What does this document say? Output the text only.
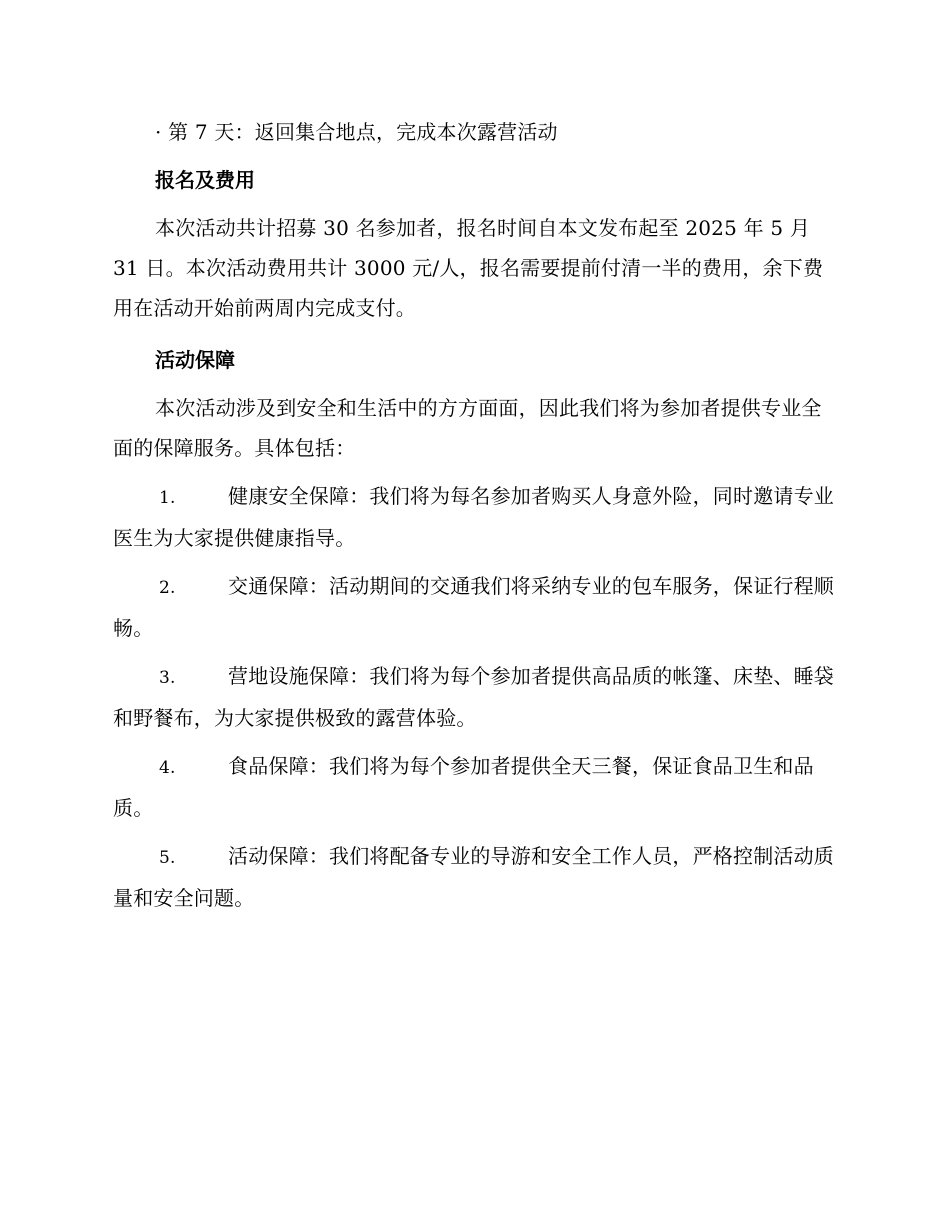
· 第 7 天：返回集合地点，完成本次露营活动

报名及费用

本次活动共计招募 30 名参加者，报名时间自本文发布起至 2025 年 5 月 31 日。本次活动费用共计 3000 元/人，报名需要提前付清一半的费用，余下费用在活动开始前两周内完成支付。

活动保障

本次活动涉及到安全和生活中的方方面面，因此我们将为参加者提供专业全面的保障服务。具体包括：

1.	健康安全保障：我们将为每名参加者购买人身意外险，同时邀请专业医生为大家提供健康指导。

2.	交通保障：活动期间的交通我们将采纳专业的包车服务，保证行程顺畅。

3.	营地设施保障：我们将为每个参加者提供高品质的帐篷、床垫、睡袋和野餐布，为大家提供极致的露营体验。

4.	食品保障：我们将为每个参加者提供全天三餐，保证食品卫生和品质。

5.	活动保障：我们将配备专业的导游和安全工作人员，严格控制活动质量和安全问题。
